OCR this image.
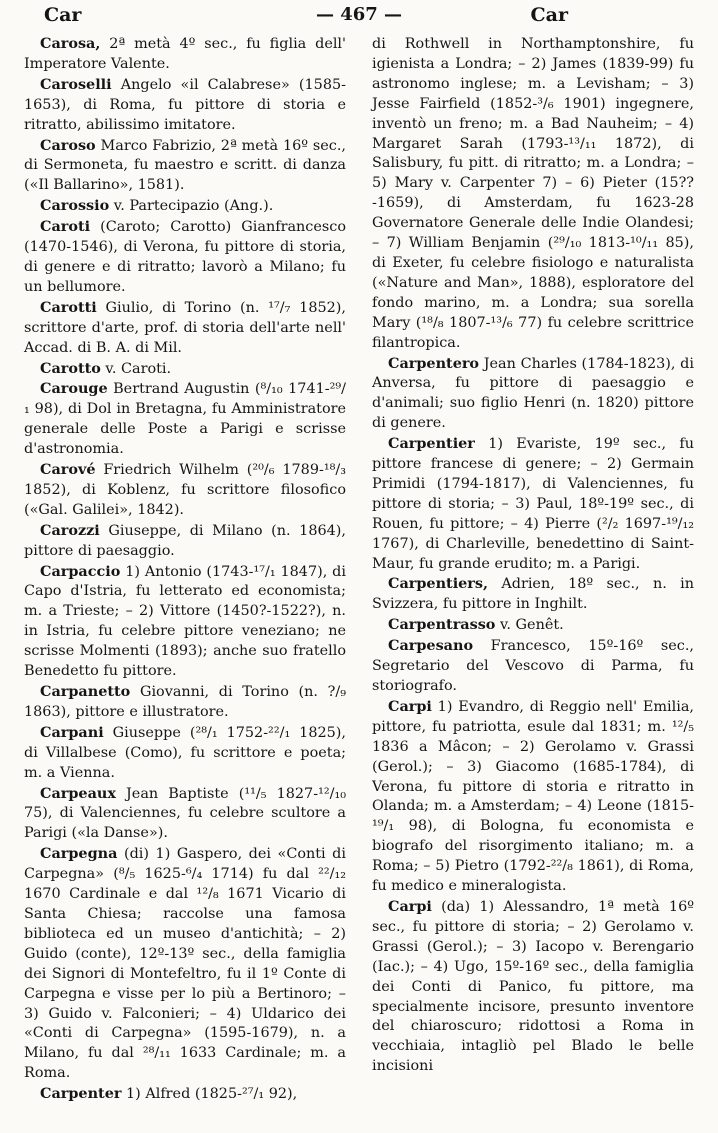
Car	— 467 —	Car

Carosa, 2ª metà 4º sec., fu figlia dell' Imperatore Valente.

Caroselli Angelo «il Calabrese» (1585-1653), di Roma, fu pittore di storia e ritratto, abilissimo imitatore.

Caroso Marco Fabrizio, 2ª metà 16º sec., di Sermoneta, fu maestro e scritt. di danza («Il Ballarino», 1581).

Carossio v. Partecipazio (Ang.).

Caroti (Caroto; Carotto) Gianfrancesco (1470-1546), di Verona, fu pittore di storia, di genere e di ritratto; lavorò a Milano; fu un bellumore.

Carotti Giulio, di Torino (n. ¹⁷/₇ 1852), scrittore d'arte, prof. di storia dell'arte nell' Accad. di B. A. di Mil.

Carotto v. Caroti.

Carouge Bertrand Augustin (⁸/₁₀ 1741-²⁹/₁ 98), di Dol in Bretagna, fu Amministratore generale delle Poste a Parigi e scrisse d'astronomia.

Carové Friedrich Wilhelm (²⁰/₆ 1789-¹⁸/₃ 1852), di Koblenz, fu scrittore filosofico («Gal. Galilei», 1842).

Carozzi Giuseppe, di Milano (n. 1864), pittore di paesaggio.

Carpaccio 1) Antonio (1743-¹⁷/₁ 1847), di Capo d'Istria, fu letterato ed economista; m. a Trieste; – 2) Vittore (1450?-1522?), n. in Istria, fu celebre pittore veneziano; ne scrisse Molmenti (1893); anche suo fratello Benedetto fu pittore.

Carpanetto Giovanni, di Torino (n. ?/₉ 1863), pittore e illustratore.

Carpani Giuseppe (²⁸/₁ 1752-²²/₁ 1825), di Villalbese (Como), fu scrittore e poeta; m. a Vienna.

Carpeaux Jean Baptiste (¹¹/₅ 1827-¹²/₁₀ 75), di Valenciennes, fu celebre scultore a Parigi («la Danse»).

Carpegna (di) 1) Gaspero, dei «Conti di Carpegna» (⁸/₅ 1625-⁶/₄ 1714) fu dal ²²/₁₂ 1670 Cardinale e dal ¹²/₈ 1671 Vicario di Santa Chiesa; raccolse una famosa biblioteca ed un museo d'antichità; – 2) Guido (conte), 12º-13º sec., della famiglia dei Signori di Montefeltro, fu il 1º Conte di Carpegna e visse per lo più a Bertinoro; – 3) Guido v. Falconieri; – 4) Uldarico dei «Conti di Carpegna» (1595-1679), n. a Milano, fu dal ²⁸/₁₁ 1633 Cardinale; m. a Roma.

Carpenter 1) Alfred (1825-²⁷/₁ 92),

di Rothwell in Northamptonshire, fu igienista a Londra; – 2) James (1839-99) fu astronomo inglese; m. a Levisham; – 3) Jesse Fairfield (1852-³/₆ 1901) ingegnere, inventò un freno; m. a Bad Nauheim; – 4) Margaret Sarah (1793-¹³/₁₁ 1872), di Salisbury, fu pitt. di ritratto; m. a Londra; – 5) Mary v. Carpenter 7) – 6) Pieter (15??-1659), di Amsterdam, fu 1623-28 Governatore Generale delle Indie Olandesi; – 7) William Benjamin (²⁹/₁₀ 1813-¹⁰/₁₁ 85), di Exeter, fu celebre fisiologo e naturalista («Nature and Man», 1888), esploratore del fondo marino, m. a Londra; sua sorella Mary (¹⁸/₈ 1807-¹³/₆ 77) fu celebre scrittrice filantropica.

Carpentero Jean Charles (1784-1823), di Anversa, fu pittore di paesaggio e d'animali; suo figlio Henri (n. 1820) pittore di genere.

Carpentier 1) Evariste, 19º sec., fu pittore francese di genere; – 2) Germain Primidi (1794-1817), di Valenciennes, fu pittore di storia; – 3) Paul, 18º-19º sec., di Rouen, fu pittore; – 4) Pierre (²/₂ 1697-¹⁹/₁₂ 1767), di Charleville, benedettino di Saint-Maur, fu grande erudito; m. a Parigi.

Carpentiers, Adrien, 18º sec., n. in Svizzera, fu pittore in Inghilt.

Carpentrasso v. Genêt.

Carpesano Francesco, 15º-16º sec., Segretario del Vescovo di Parma, fu storiografo.

Carpi 1) Evandro, di Reggio nell' Emilia, pittore, fu patriotta, esule dal 1831; m. ¹²/₅ 1836 a Mâcon; – 2) Gerolamo v. Grassi (Gerol.); – 3) Giacomo (1685-1784), di Verona, fu pittore di storia e ritratto in Olanda; m. a Amsterdam; – 4) Leone (1815-¹⁹/₁ 98), di Bologna, fu economista e biografo del risorgimento italiano; m. a Roma; – 5) Pietro (1792-²²/₈ 1861), di Roma, fu medico e mineralogista.

Carpi (da) 1) Alessandro, 1ª metà 16º sec., fu pittore di storia; – 2) Gerolamo v. Grassi (Gerol.); – 3) Iacopo v. Berengario (Iac.); – 4) Ugo, 15º-16º sec., della famiglia dei Conti di Panico, fu pittore, ma specialmente incisore, presunto inventore del chiaroscuro; ridottosi a Roma in vecchiaia, intagliò pel Blado le belle incisioni
